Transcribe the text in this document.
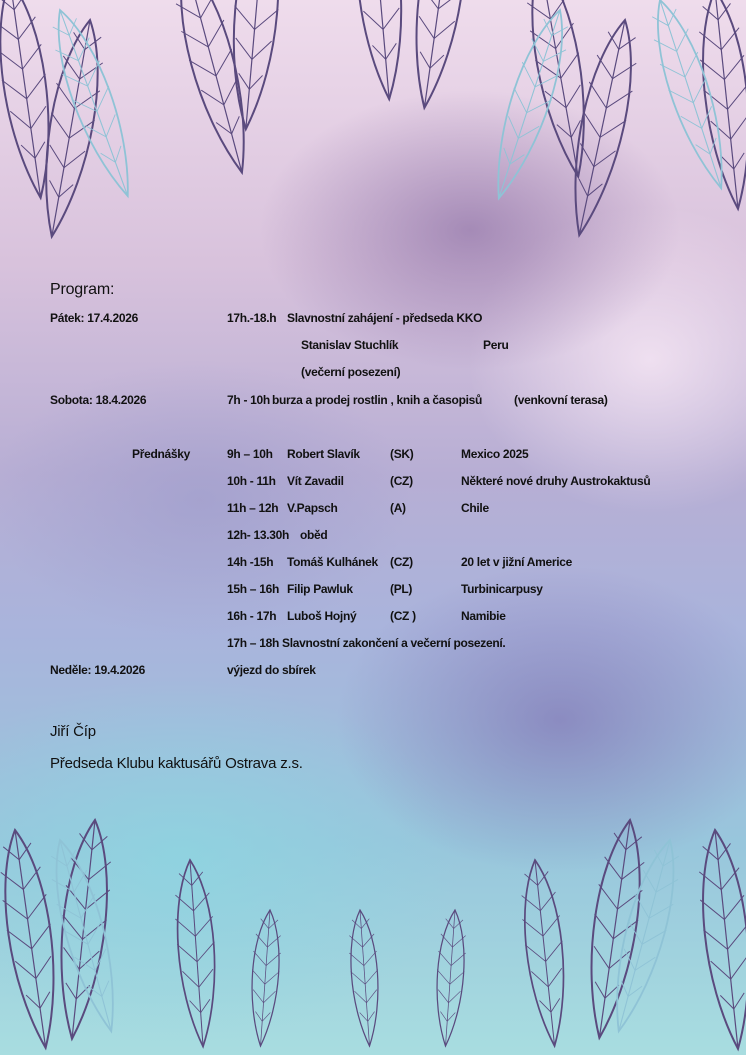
Program:
Pátek: 17.4.2026	17h.-18.h Slavnostní zahájení - předseda KKO
Stanislav Stuchlík	Peru
(večerní posezení)
Sobota: 18.4.2026	7h - 10h burza a prodej rostlin , knih a časopisů	(venkovní terasa)
Přednášky	9h – 10h Robert Slavík	(SK)	Mexico 2025
10h - 11h Vít Zavadil	(CZ)	Některé nové druhy Austrokaktusů
11h – 12h V.Papsch	(A)	Chile
12h- 13.30h oběd
14h -15h Tomáš Kulhánek (CZ)	20 let v jižní Americe
15h – 16h Filip Pawluk	(PL)	Turbinicarpusy
16h - 17h Luboš Hojný	(CZ )	Namibie
17h – 18h Slavnostní zakončení a večerní posezení.
Neděle: 19.4.2026	výjezd do sbírek
Jiří Číp
Předseda Klubu kaktusářů Ostrava z.s.
